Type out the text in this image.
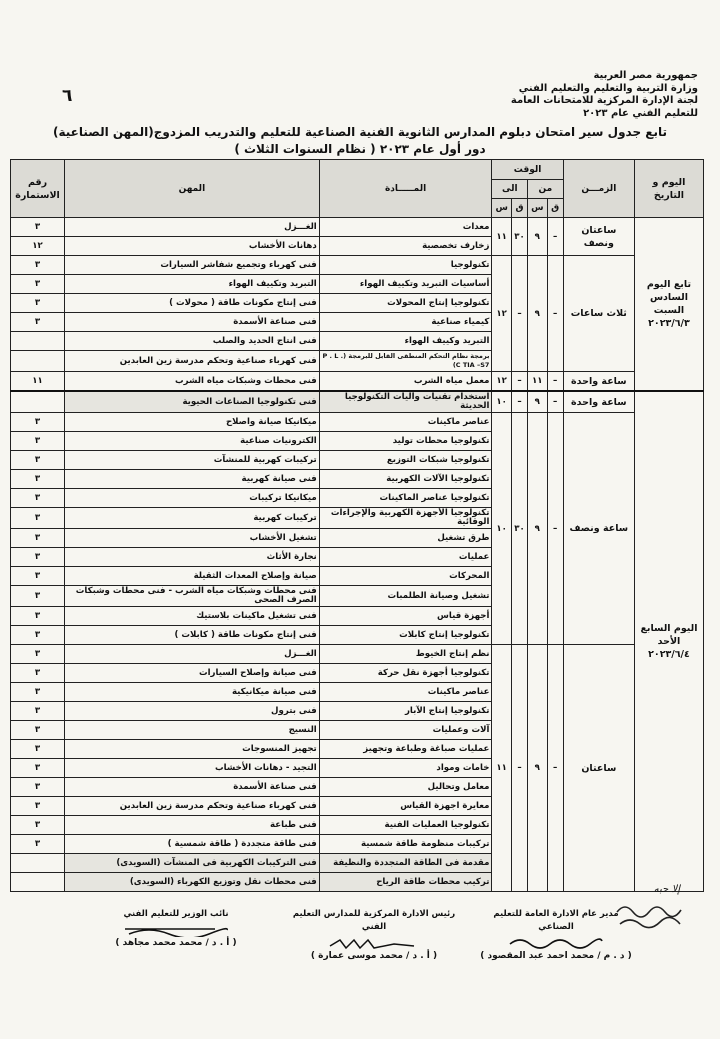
جمهورية مصر العربية
وزارة التربية والتعليم والتعليم الفني
لجنة الإدارة المركزية للامتحانات العامة
للتعليم الفني عام ٢٠٢٣
٦
تابع جدول سير امتحان دبلوم المدارس الثانوية الفنية الصناعية للتعليم والتدريب المزدوج(المهن الصناعية)
( نظام السنوات الثلاث ) دور أول عام ٢٠٢٣
اليوم و التاريخ	الزمـــن	الوقت				المـــــادة	المهن	رقم الاستمارة
		من		الى				
		ق	س	ق	س			
تابع اليوم السادس السبت ٢٠٢٣/٦/٣	ساعتان ونصف	–	٩	٣٠	١١	معدات	الغـــزل	٣
						زخارف تخصصية	دهانات الأخشاب	١٢
	ثلاث ساعات	–	٩	–	١٢	تكنولوجيا	فنى كهرباء وتجميع شفاشر السيارات	٣
						أساسيات التبريد وتكييف الهواء	التبريد وتكييف الهواء	٣
						تكنولوجيا إنتاج المحولات	فنى إنتاج مكونات طاقة ( محولات )	٣
						كيمياء صناعية	فنى صناعة الأسمدة	٣
						التبريد وكييف الهواء	فنى انتاج الحديد والصلب	
						برمجة نظام التحكم المنطقى القابل للبرمجة (P . L . C TIA –S7)	فنى كهرباء صناعية وتحكم مدرسة زين العابدين	
	ساعة واحدة	–	١١	–	١٢	معمل مياه الشرب	فنى محطات وشبكات مياه الشرب	١١
اليوم السابع الأحد ٢٠٢٣/٦/٤	ساعة واحدة	–	٩	–	١٠	استخدام تقنيات وآليات التكنولوجيا الحديثة	فنى تكنولوجيا الصناعات الحيوية	
	ساعة ونصف	–	٩	٣٠	١٠	عناصر ماكينات	ميكانيكا صيانة واصلاح	٣
						تكنولوجيا محطات توليد	الكترونيات صناعية	٣
						تكنولوجيا شبكات التوزيع	تركيبات كهربية للمنشآت	٣
						تكنولوجيا الآلات الكهربية	فنى صيانة كهربية	٣
						تكنولوجيا عناصر الماكينات	ميكانيكا تركيبات	٣
						تكنولوجيا الأجهزة الكهربية والإجراءات الوقائية	تركيبات كهربية	٣
						طرق تشغيل	تشغيل الأخشاب	٣
						عمليات	نجارة الأثاث	٣
						المحركات	صيانة وإصلاح المعدات الثقيلة	٣
						تشغيل وصيانة الطلمبات	فنى محطات وشبكات مياه الشرب - فنى محطات وشبكات الصرف الصحى	٣
						أجهزة قياس	فنى تشغيل ماكينات بلاستيك	٣
						تكنولوجيا إنتاج كابلات	فنى إنتاج مكونات طاقة ( كابلات )	٣
	ساعتان	–	٩	–	١١	نظم إنتاج الخيوط	الغـــزل	٣
						تكنولوجيا أجهزة نقل حركة	فنى صيانة وإصلاح السيارات	٣
						عناصر ماكينات	فنى صيانة ميكانيكية	٣
						تكنولوجيا إنتاج الآبار	فنى بترول	٣
						آلات وعمليات	النسيج	٣
						عمليات صباغة وطباعة وتجهيز	تجهيز المنسوجات	٣
						خامات ومواد	التجيد - دهانات الأخشاب	٣
						معامل وتحاليل	فنى صناعة الأسمدة	٣
						معايرة اجهزة القياس	فنى كهرباء صناعية وتحكم مدرسة زين العابدين	٣
						تكنولوجيا العمليات الفنية	فنى طباعة	٣
						تركيبات منظومة طاقة شمسية	فنى طاقة متجددة ( طاقة شمسية )	٣
						مقدمة فى الطاقة المتجددة والنظيفة	فنى التركيبات الكهربية فى المنشآت (السويدى)	
						تركيب محطات طاقة الرياح	فنى محطات نقل وتوزيع الكهرباء (السويدى)	
إلا حبه
مدير عام الادارة العامة للتعليم الصناعي
( د . م / محمد احمد عبد المقصود )
رئيس الادارة المركزية للمدارس التعليم الفني
( أ . د / محمد موسى عمارة )
نائب الوزير للتعليم الفني
( أ . د / محمد محمد مجاهد )
